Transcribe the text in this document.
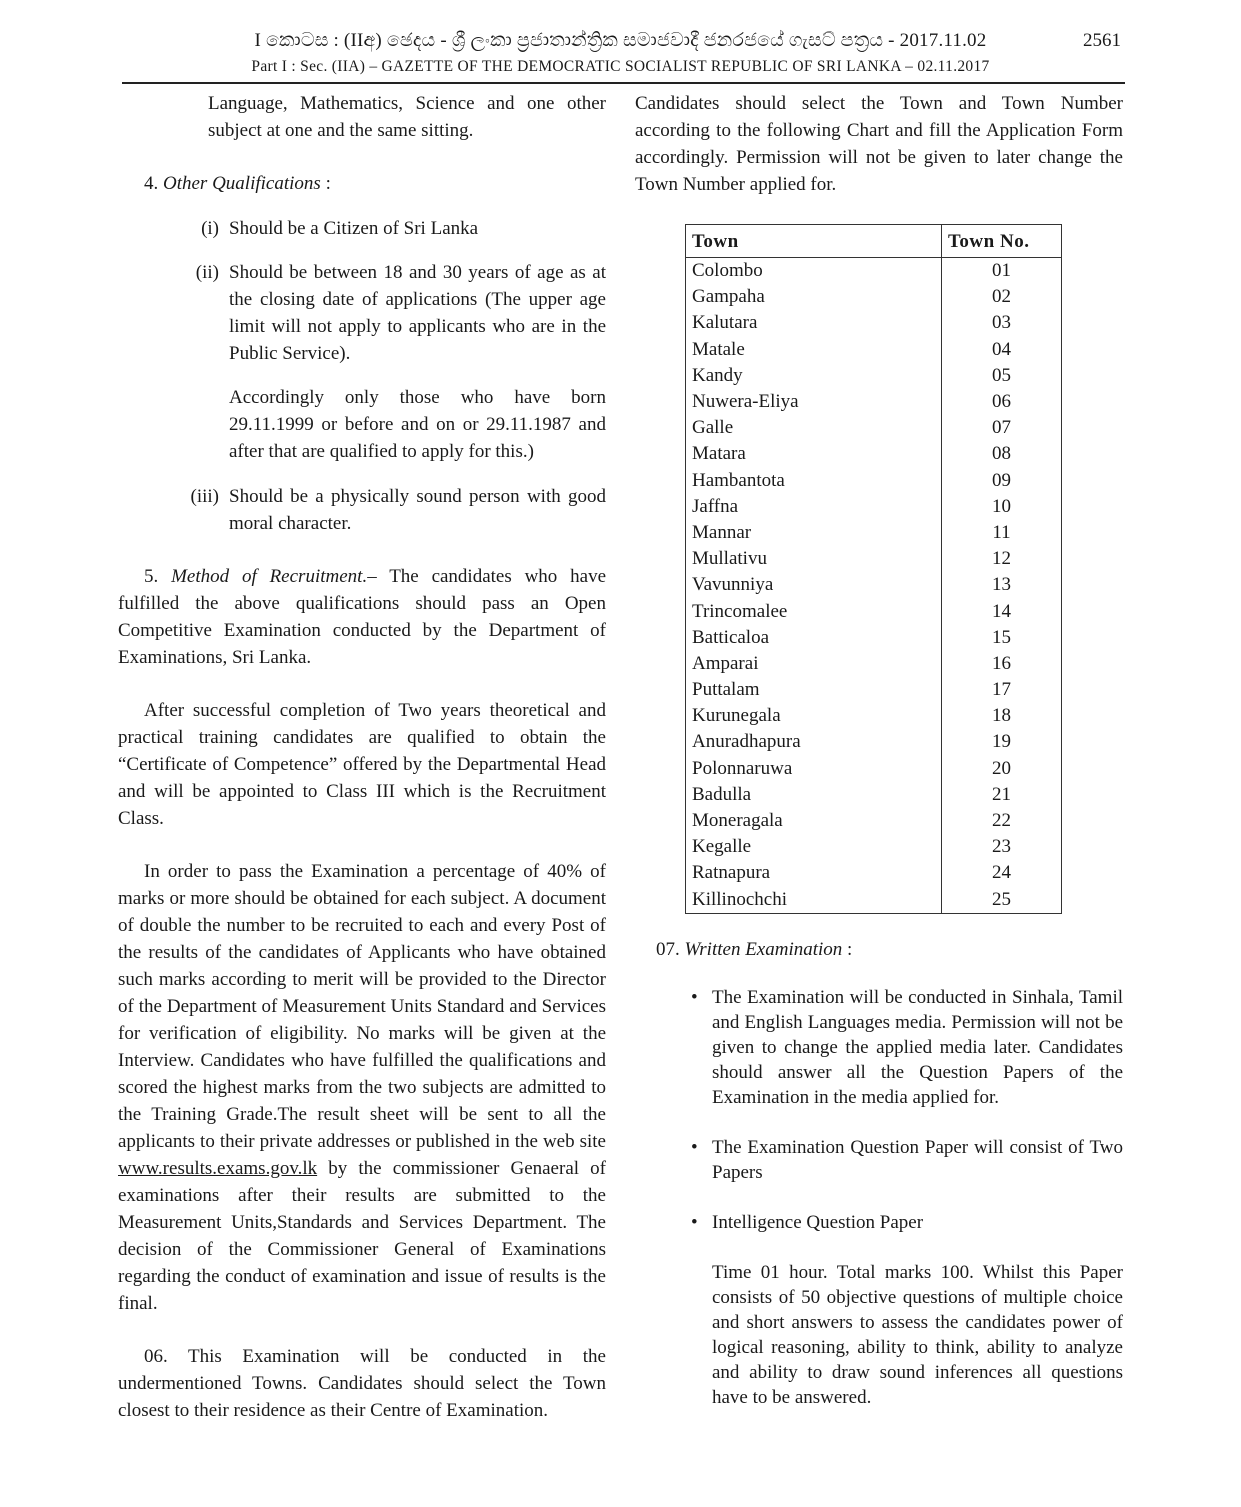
I කොටස : (IIඅ) ඡෙදය - ශ්‍රී ලංකා ප්‍රජාතාන්ත්‍රික සමාජවාදී ජනරජයේ ගැසට් පත්‍රය - 2017.11.02	2561
Part I : Sec. (IIA) – GAZETTE OF THE DEMOCRATIC SOCIALIST REPUBLIC OF SRI LANKA – 02.11.2017

Language, Mathematics, Science and one other subject at one and the same sitting.

4. Other Qualifications :

(i) Should be a Citizen of Sri Lanka
(ii) Should be between 18 and 30 years of age as at the closing date of applications (The upper age limit will not apply to applicants who are in the Public Service).

Accordingly only those who have born 29.11.1999 or before and on or 29.11.1987 and after that are qualified to apply for this.)

(iii) Should be a physically sound person with good moral character.

5. Method of Recruitment.– The candidates who have fulfilled the above qualifications should pass an Open Competitive Examination conducted by the Department of Examinations, Sri Lanka.

After successful completion of Two years theoretical and practical training candidates are qualified to obtain the “Certificate of Competence” offered by the Departmental Head and will be appointed to Class III which is the Recruitment Class.

In order to pass the Examination a percentage of 40% of marks or more should be obtained for each subject. A document of double the number to be recruited to each and every Post of the results of the candidates of Applicants who have obtained such marks according to merit will be provided to the Director of the Department of Measurement Units Standard and Services for verification of eligibility. No marks will be given at the Interview. Candidates who have fulfilled the qualifications and scored the highest marks from the two subjects are admitted to the Training Grade.The result sheet will be sent to all the applicants to their private addresses or published in the web site www.results.exams.gov.lk by the commissioner Genaeral of examinations after their results are submitted to the Measurement Units,Standards and Services Department. The decision of the Commissioner General of Examinations regarding the conduct of examination and issue of results is the final.

06. This Examination will be conducted in the undermentioned Towns. Candidates should select the Town closest to their residence as their Centre of Examination.

Candidates should select the Town and Town Number according to the following Chart and fill the Application Form accordingly. Permission will not be given to later change the Town Number applied for.

Town	Town No.
Colombo	01
Gampaha	02
Kalutara	03
Matale	04
Kandy	05
Nuwera-Eliya	06
Galle	07
Matara	08
Hambantota	09
Jaffna	10
Mannar	11
Mullativu	12
Vavunniya	13
Trincomalee	14
Batticaloa	15
Amparai	16
Puttalam	17
Kurunegala	18
Anuradhapura	19
Polonnaruwa	20
Badulla	21
Moneragala	22
Kegalle	23
Ratnapura	24
Killinochchi	25

07. Written Examination :

• The Examination will be conducted in Sinhala, Tamil and English Languages media. Permission will not be given to change the applied media later. Candidates should answer all the Question Papers of the Examination in the media applied for.
• The Examination Question Paper will consist of Two Papers
• Intelligence Question Paper

Time 01 hour. Total marks 100. Whilst this Paper consists of 50 objective questions of multiple choice and short answers to assess the candidates power of logical reasoning, ability to think, ability to analyze and ability to draw sound inferences all questions have to be answered.
